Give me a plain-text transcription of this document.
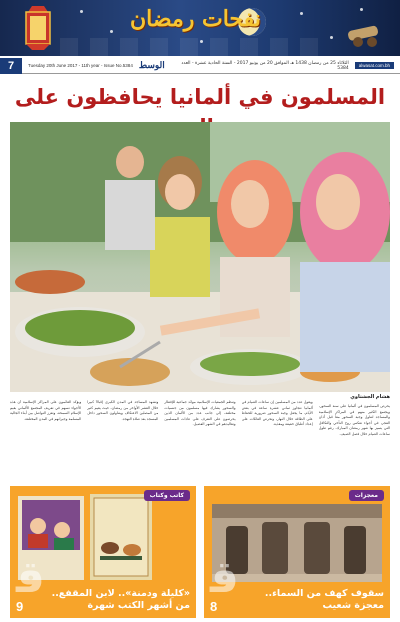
نفحات رمضان
7	Tuesday 20th June 2017 - 11th year - Issue No.5384 الوسط	الثلاثاء 25 من رمضان 1438 هـ الموافق 20 من يونيو 2017 - السنة الحادية عشرة - العدد 5384	alwasat.com.bh
المسلمون في ألمانيا يحافظون على
هشام الجشتاوي
يحرص المسلمون في ألمانيا على سنة السحور، ويجتمع الكثير منهم في المراكز الإسلامية والمساجد لتناول وجبة السحور معاً قبل أذان الفجر، في أجواء تعكس روح التآخي والتكافل التي يتميز بها شهر رمضان المبارك، رغم طول ساعات الصيام خلال فصل الصيف.
ويقول عدد من المسلمين إن ساعات الصيام في ألمانيا تتجاوز ثماني عشرة ساعة في بعض الأيام، ما يجعل وجبة السحور ضرورية للحفاظ على الطاقة خلال النهار، وتحرص العائلات على إعداد أطباق خفيفة ومغذية.
وتنظم الجمعيات الإسلامية موائد جماعية للإفطار والسحور يشارك فيها مسلمون من جنسيات مختلفة، إلى جانب عدد من الألمان الذين يحرصون على التعرف على عادات المسلمين وتقاليدهم في الشهر الفضيل.
وتشهد المساجد في المدن الكبرى إقبالاً كبيراً خلال العشر الأواخر من رمضان، حيث يقيم كثير من المصلين الاعتكاف ويتناولون السحور داخل المسجد بعد صلاة التهجد.
ويؤكد القائمون على المراكز الإسلامية أن هذه الأجواء تسهم في تعريف المجتمع الألماني بقيم الإسلام السمحة، وتعزز التواصل بين أبناء الجالية المسلمة وجيرانهم في المدن المختلفة.
معجزات
ﻗ	سقوف كهف من السماء.. معجزة شعيب
8
كاتب وكتاب
ﻗ «كليلة ودمنة».. لابن المقفع.. من أشهر الكتب شهرة
9
